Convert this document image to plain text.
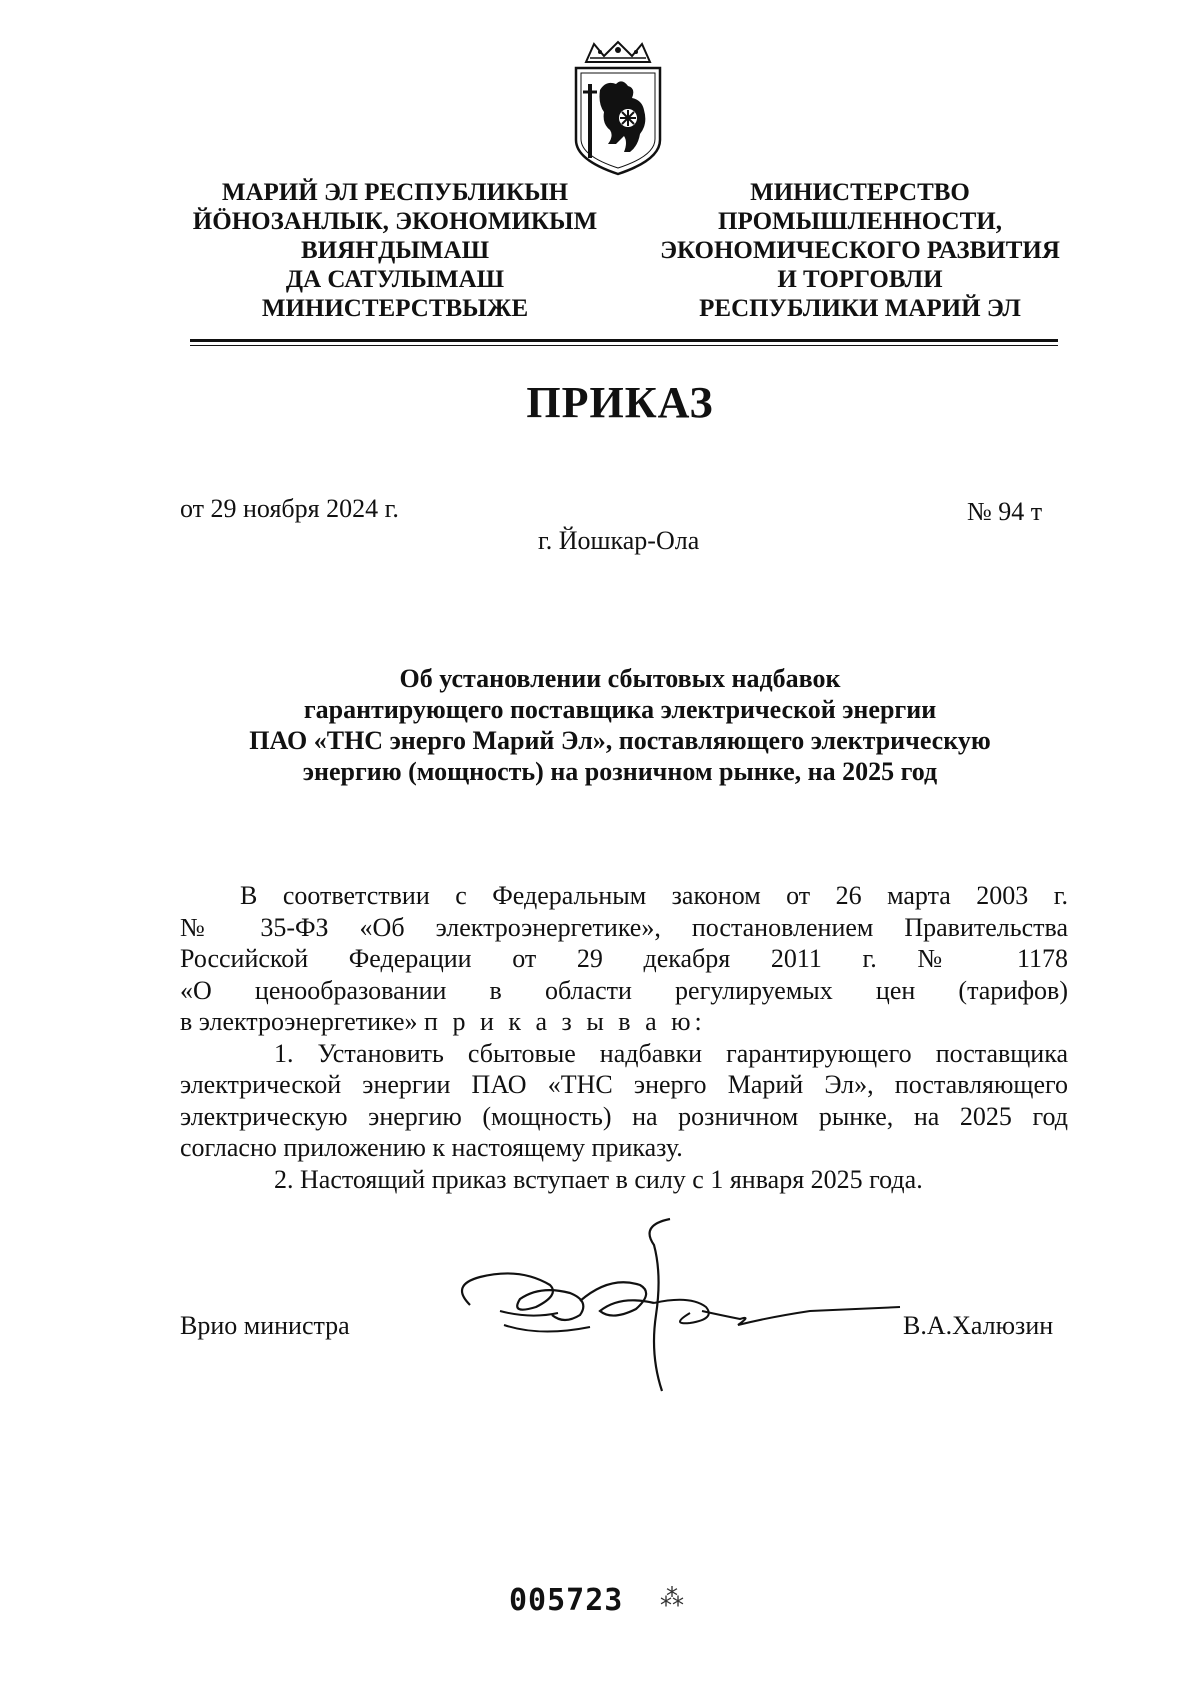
МАРИЙ ЭЛ РЕСПУБЛИКЫН
ЙӦНОЗАНЛЫК, ЭКОНОМИКЫМ
ВИЯҤДЫМАШ
ДА САТУЛЫМАШ
МИНИСТЕРСТВЫЖЕ
МИНИСТЕРСТВО
ПРОМЫШЛЕННОСТИ,
ЭКОНОМИЧЕСКОГО РАЗВИТИЯ
И ТОРГОВЛИ
РЕСПУБЛИКИ МАРИЙ ЭЛ
ПРИКАЗ
от 29 ноября 2024 г.	№ 94 т
г. Йошкар-Ола
Об установлении сбытовых надбавок
гарантирующего поставщика электрической энергии
ПАО «ТНС энерго Марий Эл», поставляющего электрическую
энергию (мощность) на розничном рынке, на 2025 год
В соответствии с Федеральным законом от 26 марта 2003 г.
№ 35-ФЗ «Об электроэнергетике», постановлением Правительства
Российской Федерации от 29 декабря 2011 г. № 1178
«О ценообразовании в области регулируемых цен (тарифов)
в электроэнергетике» п р и к а з ы в а ю:
1. Установить сбытовые надбавки гарантирующего поставщика
электрической энергии ПАО «ТНС энерго Марий Эл», поставляющего
электрическую энергию (мощность) на розничном рынке, на 2025 год
согласно приложению к настоящему приказу.
2. Настоящий приказ вступает в силу с 1 января 2025 года.
Врио министра	В.А.Халюзин
005723 ⁂
